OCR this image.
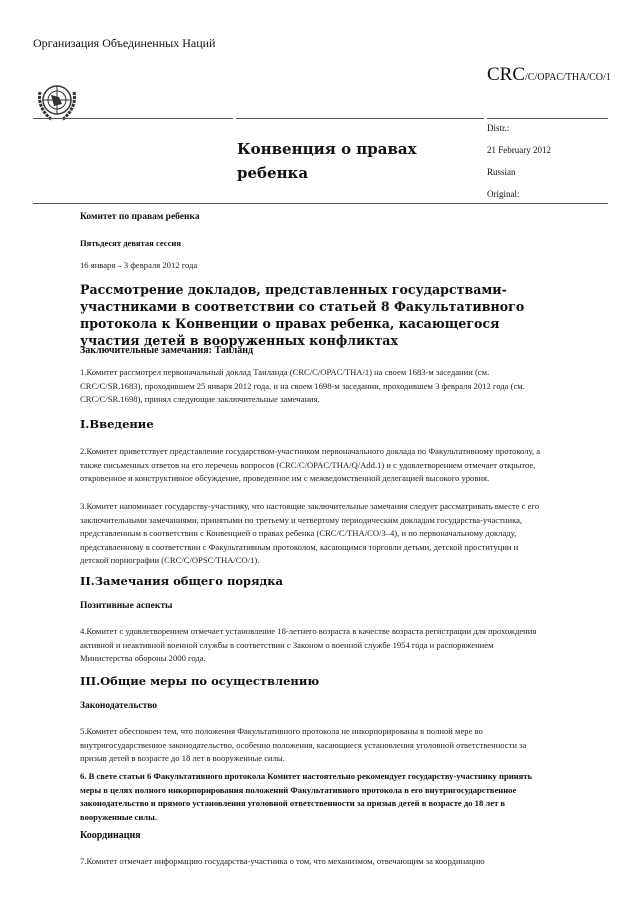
Организация Объединенных Наций
CRC/C/OPAC/THA/CO/1
Distr.:
21 February 2012
Russian
Original:
Конвенция о правах ребенка
Комитет по правам ребенка
Пятьдесят девятая сессия
16 января – 3 февраля 2012 года
Рассмотрение докладов, представленных государствами-участниками в соответствии со статьей 8 Факультативного протокола к Конвенции о правах ребенка, касающегося участия детей в вооруженных конфликтах
Заключительные замечания: Таиланд
1.Комитет рассмотрел первоначальный доклад Таиланда (CRC/C/OPAC/THA/1) на своем 1683-м заседании (см. CRC/C/SR.1683), проходившем 25 января 2012 года, и на своем 1698-м заседании, проходившем 3 февраля 2012 года (см. CRC/C/SR.1698), принял следующие заключительные замечания.
I.Введение
2.Комитет приветствует представление государством-участником первоначального доклада по Факультативному протоколу, а также письменных ответов на его перечень вопросов (CRC/C/OPAC/THA/Q/Add.1) и с удовлетворением отмечает открытое, откровенное и конструктивное обсуждение, проведенное им с межведомственной делегацией высокого уровня.
3.Комитет напоминает государству-участнику, что настоящие заключительные замечания следует рассматривать вместе с его заключительными замечаниями, принятыми по третьему и четвертому периодическим докладам государства-участника, представленным в соответствии с Конвенцией о правах ребенка (CRC/C/THA/CO/3–4), и по первоначальному докладу, представленному в соответствии с Факультативным протоколом, касающимся торговли детьми, детской проституции и детской порнографии (CRC/C/OPSC/THA/CO/1).
II.Замечания общего порядка
Позитивные аспекты
4.Комитет с удовлетворением отмечает установление 18-летнего возраста в качестве возраста регистрации для прохождения активной и неактивной военной службы в соответствии с Законом о военной службе 1954 года и распоряжением Министерства обороны 2000 года.
III.Общие меры по осуществлению
Законодательство
5.Комитет обеспокоен тем, что положения Факультативного протокола не инкорпорированы в полной мере во внутригосударственное законодательство, особенно положения, касающиеся установления уголовной ответственности за призыв детей в возрасте до 18 лет в вооруженные силы.
6. В свете статьи 6 Факультативного протокола Комитет настоятельно рекомендует государству-участнику принять меры в целях полного инкорпорирования положений Факультативного протокола в его внутригосударственное законодательство и прямого установления уголовной ответственности за призыв детей в возрасте до 18 лет в вооруженные силы.
Координация
7.Комитет отмечает информацию государства-участника о том, что механизмом, отвечающим за координацию
